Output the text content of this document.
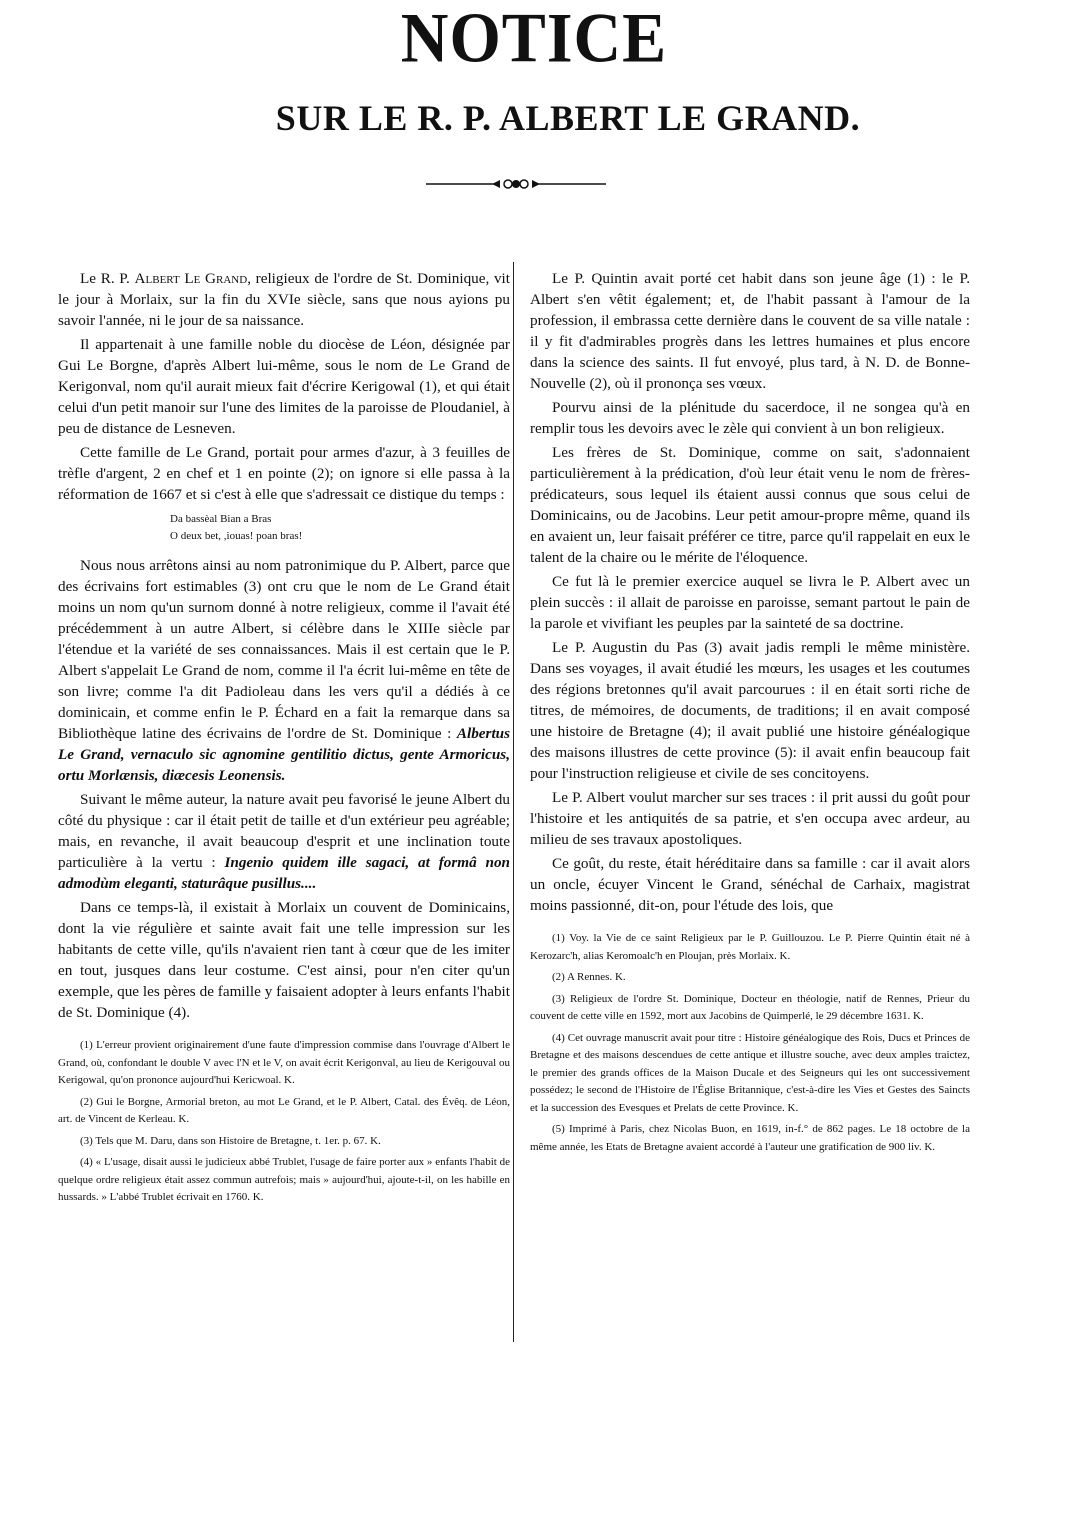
NOTICE
SUR LE R. P. ALBERT LE GRAND.

Le R. P. Albert Le Grand, religieux de l'ordre de St. Dominique, vit le jour à Morlaix, sur la fin du XVIe siècle, sans que nous ayions pu savoir l'année, ni le jour de sa naissance.

Il appartenait à une famille noble du diocèse de Léon, désignée par Gui Le Borgne, d'après Albert lui-même, sous le nom de Le Grand de Kerigonval, nom qu'il aurait mieux fait d'écrire Kerigowal (1), et qui était celui d'un petit manoir sur l'une des limites de la paroisse de Ploudaniel, à peu de distance de Lesneven.

Cette famille de Le Grand, portait pour armes d'azur, à 3 feuilles de trèfle d'argent, 2 en chef et 1 en pointe (2); on ignore si elle passa à la réformation de 1667 et si c'est à elle que s'adressait ce distique du temps :

Da bassèal Bian a Bras
O deux bet, ,iouas! poan bras!

Nous nous arrêtons ainsi au nom patronimique du P. Albert, parce que des écrivains fort estimables (3) ont cru que le nom de Le Grand était moins un nom qu'un surnom donné à notre religieux, comme il l'avait été précédemment à un autre Albert, si célèbre dans le XIIIe siècle par l'étendue et la variété de ses connaissances. Mais il est certain que le P. Albert s'appelait Le Grand de nom, comme il l'a écrit lui-même en tête de son livre; comme l'a dit Padioleau dans les vers qu'il a dédiés à ce dominicain, et comme enfin le P. Échard en a fait la remarque dans sa Bibliothèque latine des écrivains de l'ordre de St. Dominique : Albertus Le Grand, vernaculo sic agnomine gentilitio dictus, gente Armoricus, ortu Morlænsis, diæcesis Leonensis.

Suivant le même auteur, la nature avait peu favorisé le jeune Albert du côté du physique : car il était petit de taille et d'un extérieur peu agréable; mais, en revanche, il avait beaucoup d'esprit et une inclination toute particulière à la vertu : Ingenio quidem ille sagaci, at formâ non admodùm eleganti, staturâque pusillus....

Dans ce temps-là, il existait à Morlaix un couvent de Dominicains, dont la vie régulière et sainte avait fait une telle impression sur les habitants de cette ville, qu'ils n'avaient rien tant à cœur que de les imiter en tout, jusques dans leur costume. C'est ainsi, pour n'en citer qu'un exemple, que les pères de famille y faisaient adopter à leurs enfants l'habit de St. Dominique (4).

(1) L'erreur provient originairement d'une faute d'impression commise dans l'ouvrage d'Albert le Grand, où, confondant le double V avec l'N et le V, on avait écrit Kerigonval, au lieu de Kerigouval ou Kerigowal, qu'on prononce aujourd'hui Kericwoal. K.

(2) Gui le Borgne, Armorial breton, au mot Le Grand, et le P. Albert, Catal. des Évêq. de Léon, art. de Vincent de Kerleau. K.

(3) Tels que M. Daru, dans son Histoire de Bretagne, t. 1er. p. 67. K.

(4) « L'usage, disait aussi le judicieux abbé Trublet, l'usage de faire porter aux » enfants l'habit de quelque ordre religieux était assez commun autrefois; mais » aujourd'hui, ajoute-t-il, on les habille en hussards. » L'abbé Trublet écrivait en 1760. K.

Le P. Quintin avait porté cet habit dans son jeune âge (1) : le P. Albert s'en vêtit également; et, de l'habit passant à l'amour de la profession, il embrassa cette dernière dans le couvent de sa ville natale : il y fit d'admirables progrès dans les lettres humaines et plus encore dans la science des saints. Il fut envoyé, plus tard, à N. D. de Bonne-Nouvelle (2), où il prononça ses vœux.

Pourvu ainsi de la plénitude du sacerdoce, il ne songea qu'à en remplir tous les devoirs avec le zèle qui convient à un bon religieux.

Les frères de St. Dominique, comme on sait, s'adonnaient particulièrement à la prédication, d'où leur était venu le nom de frères-prédicateurs, sous lequel ils étaient aussi connus que sous celui de Dominicains, ou de Jacobins. Leur petit amour-propre même, quand ils en avaient un, leur faisait préférer ce titre, parce qu'il rappelait en eux le talent de la chaire ou le mérite de l'éloquence.

Ce fut là le premier exercice auquel se livra le P. Albert avec un plein succès : il allait de paroisse en paroisse, semant partout le pain de la parole et vivifiant les peuples par la sainteté de sa doctrine.

Le P. Augustin du Pas (3) avait jadis rempli le même ministère. Dans ses voyages, il avait étudié les mœurs, les usages et les coutumes des régions bretonnes qu'il avait parcourues : il en était sorti riche de titres, de mémoires, de documents, de traditions; il en avait composé une histoire de Bretagne (4); il avait publié une histoire généalogique des maisons illustres de cette province (5): il avait enfin beaucoup fait pour l'instruction religieuse et civile de ses concitoyens.

Le P. Albert voulut marcher sur ses traces : il prit aussi du goût pour l'histoire et les antiquités de sa patrie, et s'en occupa avec ardeur, au milieu de ses travaux apostoliques.

Ce goût, du reste, était héréditaire dans sa famille : car il avait alors un oncle, écuyer Vincent le Grand, sénéchal de Carhaix, magistrat moins passionné, dit-on, pour l'étude des lois, que

(1) Voy. la Vie de ce saint Religieux par le P. Guillouzou. Le P. Pierre Quintin était né à Kerozarc'h, alias Keromoalc'h en Ploujan, près Morlaix. K.

(2) A Rennes. K.

(3) Religieux de l'ordre St. Dominique, Docteur en théologie, natif de Rennes, Prieur du couvent de cette ville en 1592, mort aux Jacobins de Quimperlé, le 29 décembre 1631. K.

(4) Cet ouvrage manuscrit avait pour titre : Histoire généalogique des Rois, Ducs et Princes de Bretagne et des maisons descendues de cette antique et illustre souche, avec deux amples traictez, le premier des grands offices de la Maison Ducale et des Seigneurs qui les ont successivement possédez; le second de l'Histoire de l'Église Britannique, c'est-à-dire les Vies et Gestes des Saincts et la succession des Evesques et Prelats de cette Province. K.

(5) Imprimé à Paris, chez Nicolas Buon, en 1619, in-f.° de 862 pages. Le 18 octobre de la même année, les Etats de Bretagne avaient accordé à l'auteur une gratification de 900 liv. K.
